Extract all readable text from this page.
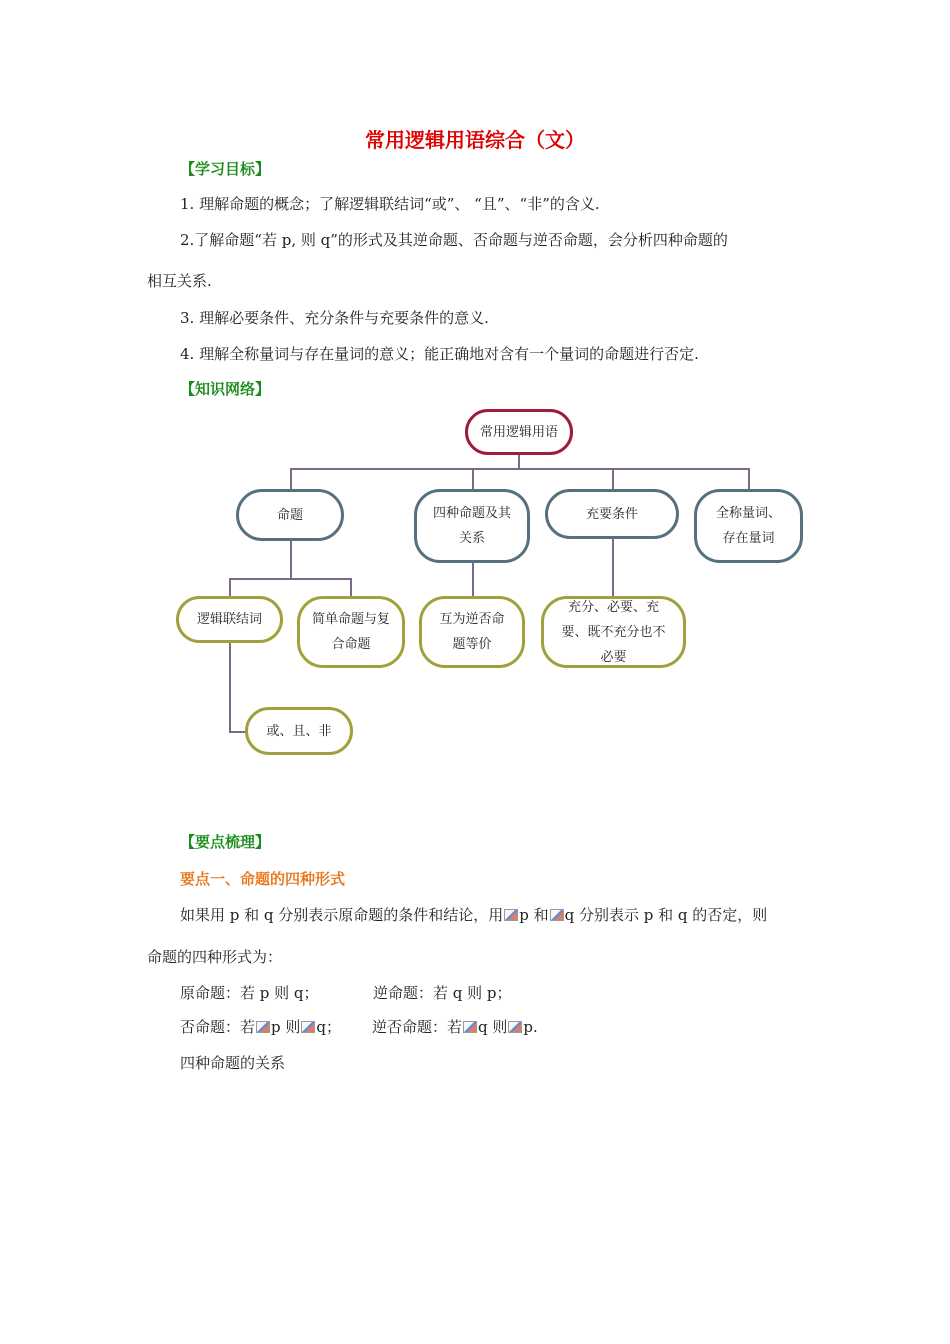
常用逻辑用语综合（文）
【学习目标】
1. 理解命题的概念；了解逻辑联结词“或”、 “且”、“非”的含义.
2.了解命题“若 p, 则 q”的形式及其逆命题、否命题与逆否命题，会分析四种命题的
相互关系.
3. 理解必要条件、充分条件与充要条件的意义.
4. 理解全称量词与存在量词的意义；能正确地对含有一个量词的命题进行否定.
【知识网络】
常用逻辑用语
命题	四种命题及其关系
充要条件	全称量词、存在量词
逻辑联结词	简单命题与复合命题
互为逆否命题等价
充分、必要、充要、既不充分也不必要
或、且、非
【要点梳理】
要点一、命题的四种形式
如果用 p 和 q 分别表示原命题的条件和结论，用 p 和 q 分别表示 p 和 q 的否定，则
命题的四种形式为：
原命题：若 p 则 q；	逆命题：若 q 则 p；
否命题：若 p 则 q； 逆否命题：若 q 则 p.
四种命题的关系
